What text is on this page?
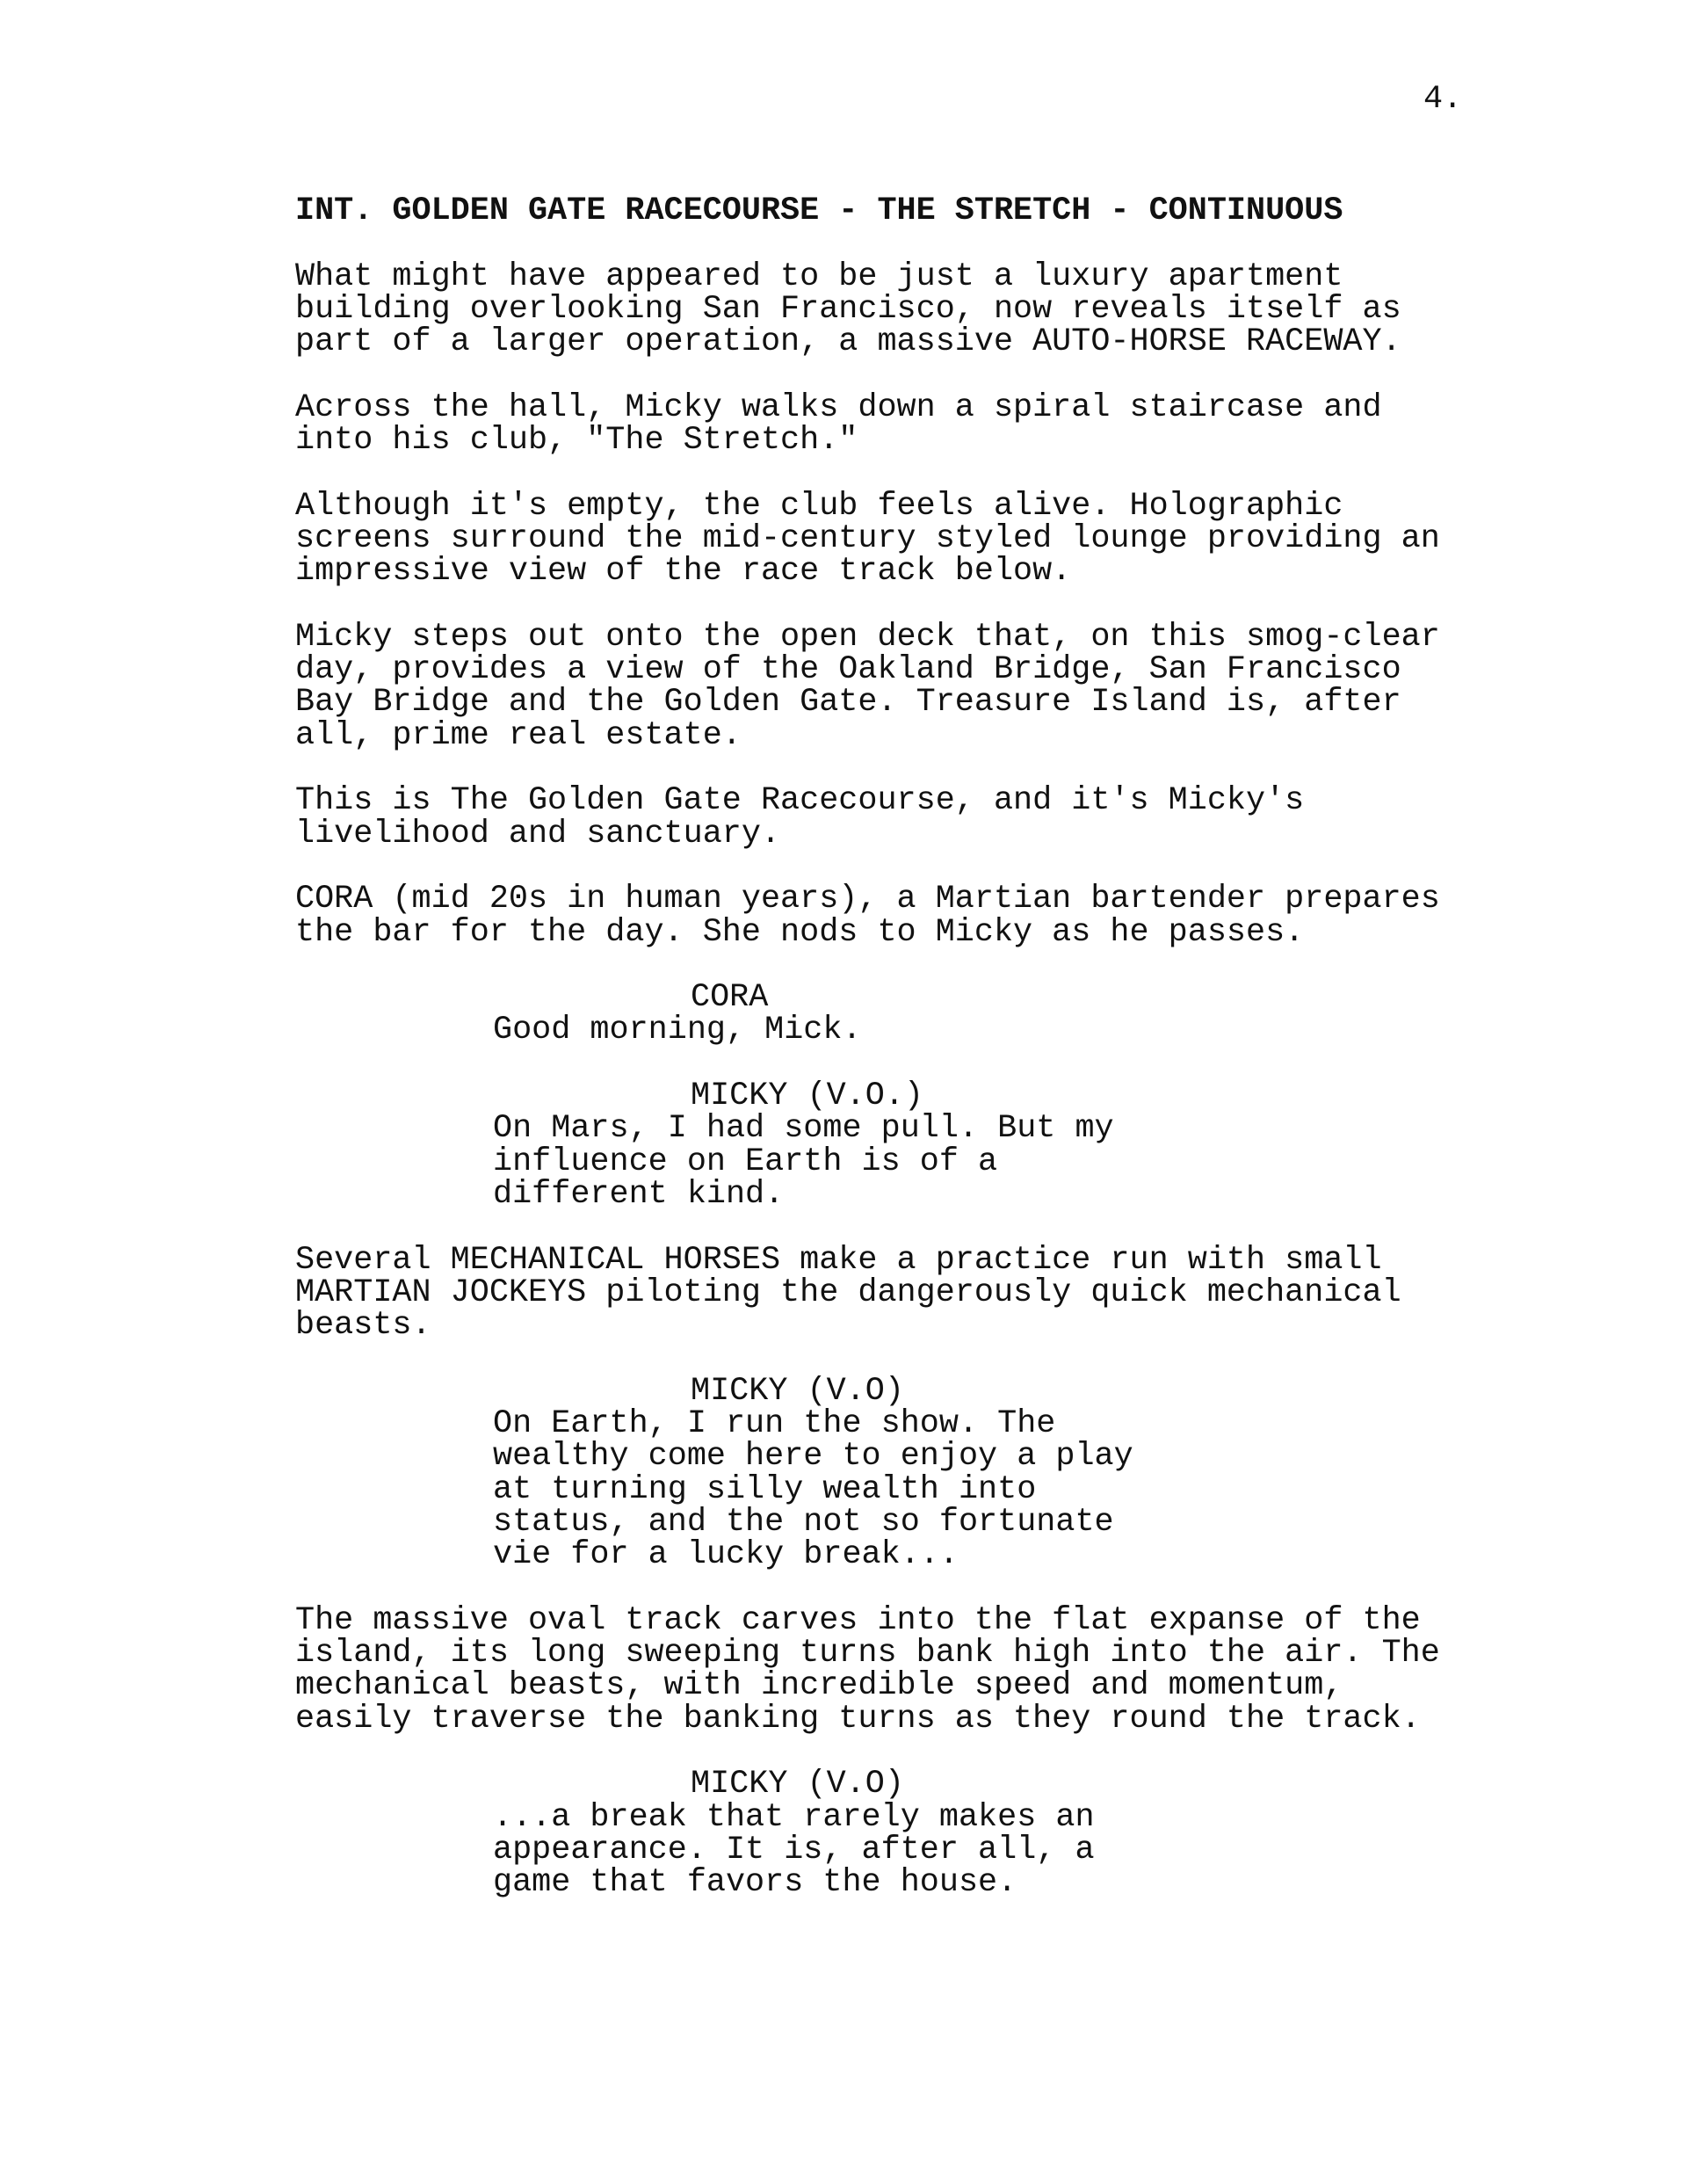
4.
INT. GOLDEN GATE RACECOURSE - THE STRETCH - CONTINUOUS
What might have appeared to be just a luxury apartment
building overlooking San Francisco, now reveals itself as
part of a larger operation, a massive AUTO-HORSE RACEWAY.
Across the hall, Micky walks down a spiral staircase and
into his club, "The Stretch."
Although it's empty, the club feels alive. Holographic
screens surround the mid-century styled lounge providing an
impressive view of the race track below.
Micky steps out onto the open deck that, on this smog-clear
day, provides a view of the Oakland Bridge, San Francisco
Bay Bridge and the Golden Gate. Treasure Island is, after
all, prime real estate.
This is The Golden Gate Racecourse, and it's Micky's
livelihood and sanctuary.
CORA (mid 20s in human years), a Martian bartender prepares
the bar for the day. She nods to Micky as he passes.
CORA
Good morning, Mick.
MICKY (V.O.)
On Mars, I had some pull. But my
influence on Earth is of a
different kind.
Several MECHANICAL HORSES make a practice run with small
MARTIAN JOCKEYS piloting the dangerously quick mechanical
beasts.
MICKY (V.O)
On Earth, I run the show. The
wealthy come here to enjoy a play
at turning silly wealth into
status, and the not so fortunate
vie for a lucky break...
The massive oval track carves into the flat expanse of the
island, its long sweeping turns bank high into the air. The
mechanical beasts, with incredible speed and momentum,
easily traverse the banking turns as they round the track.
MICKY (V.O)
...a break that rarely makes an
appearance. It is, after all, a
game that favors the house.
